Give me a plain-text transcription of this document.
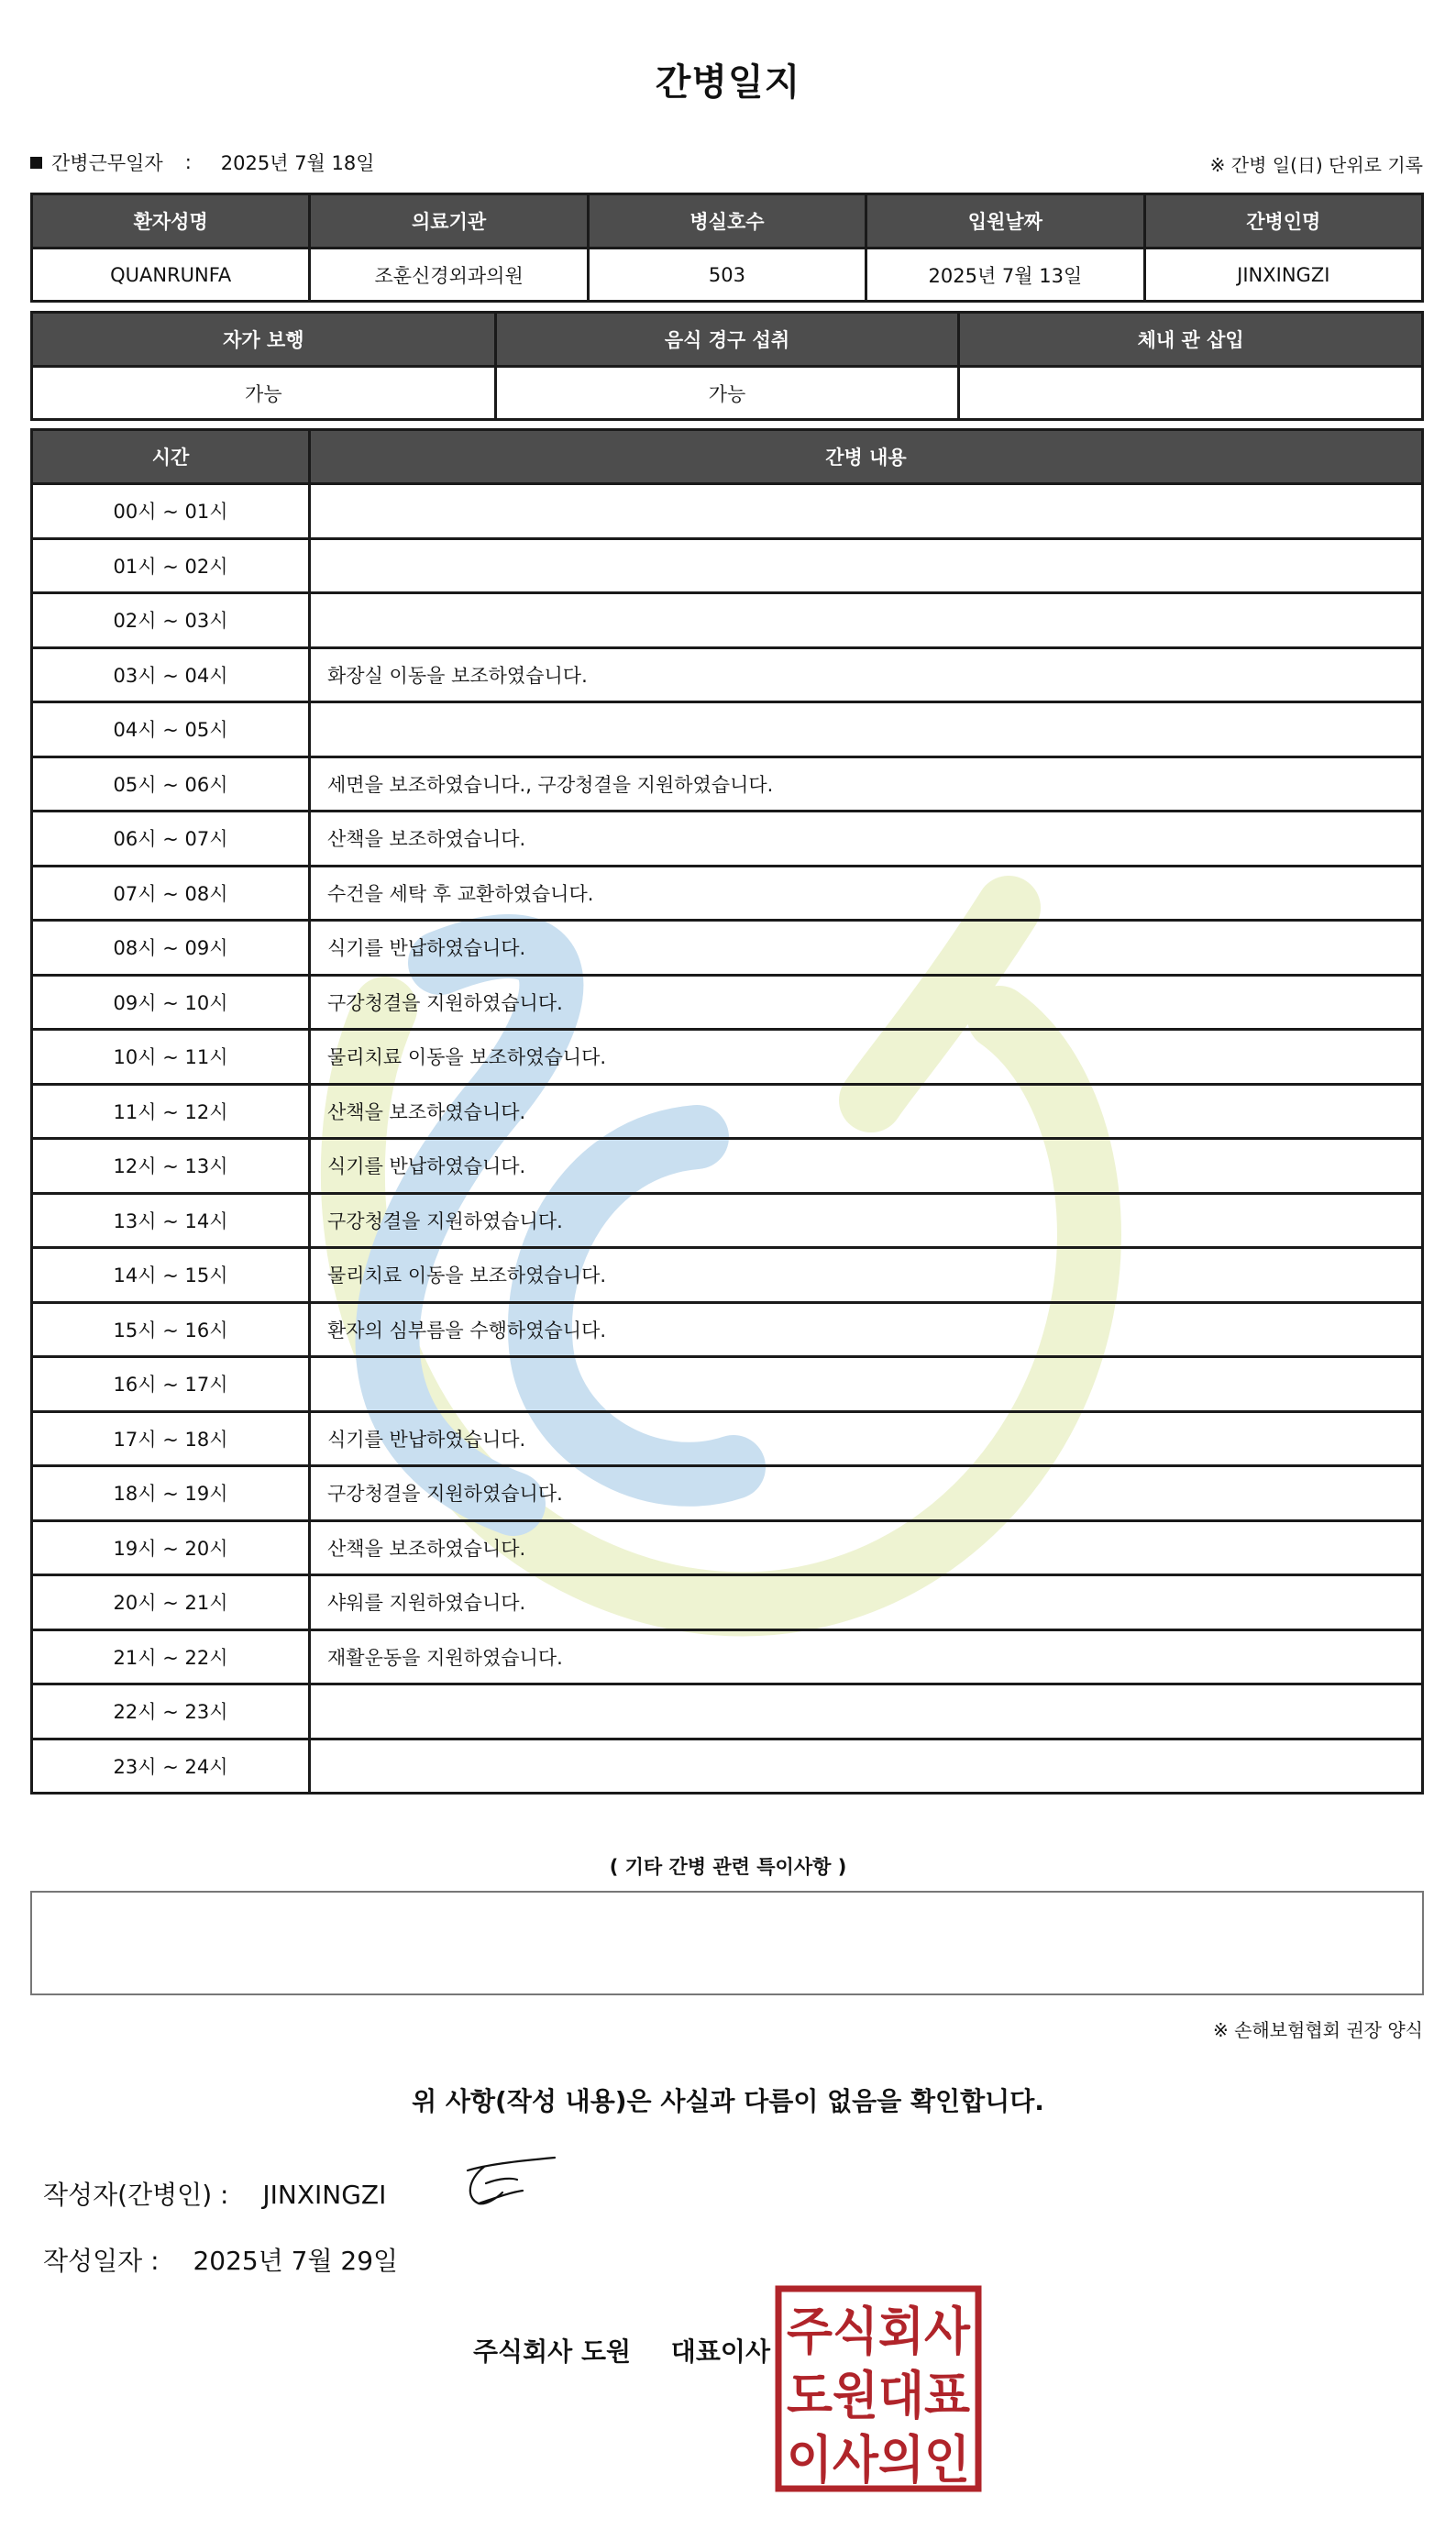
간병일지
간병근무일자 : 2025년 7월 18일	※ 간병 일(日) 단위로 기록
환자성명	의료기관	병실호수	입원날짜	간병인명
QUANRUNFA	조훈신경외과의원	503	2025년 7월 13일	JINXINGZI
자가 보행	음식 경구 섭취	체내 관 삽입
가능	가능	
시간	간병 내용
00시 ~ 01시	
01시 ~ 02시	
02시 ~ 03시	
03시 ~ 04시	화장실 이동을 보조하였습니다.
04시 ~ 05시	
05시 ~ 06시	세면을 보조하였습니다., 구강청결을 지원하였습니다.
06시 ~ 07시	산책을 보조하였습니다.
07시 ~ 08시	수건을 세탁 후 교환하였습니다.
08시 ~ 09시	식기를 반납하였습니다.
09시 ~ 10시	구강청결을 지원하였습니다.
10시 ~ 11시	물리치료 이동을 보조하였습니다.
11시 ~ 12시	산책을 보조하였습니다.
12시 ~ 13시	식기를 반납하였습니다.
13시 ~ 14시	구강청결을 지원하였습니다.
14시 ~ 15시	물리치료 이동을 보조하였습니다.
15시 ~ 16시	환자의 심부름을 수행하였습니다.
16시 ~ 17시	
17시 ~ 18시	식기를 반납하였습니다.
18시 ~ 19시	구강청결을 지원하였습니다.
19시 ~ 20시	산책을 보조하였습니다.
20시 ~ 21시	샤워를 지원하였습니다.
21시 ~ 22시	재활운동을 지원하였습니다.
22시 ~ 23시	
23시 ~ 24시	
( 기타 간병 관련 특이사항 )
※ 손해보험협회 권장 양식
위 사항(작성 내용)은 사실과 다름이 없음을 확인합니다.
작성자(간병인) : JINXINGZI
작성일자 : 2025년 7월 29일
주식회사 도원 대표이사 주식회사
도원대표
이사의인
